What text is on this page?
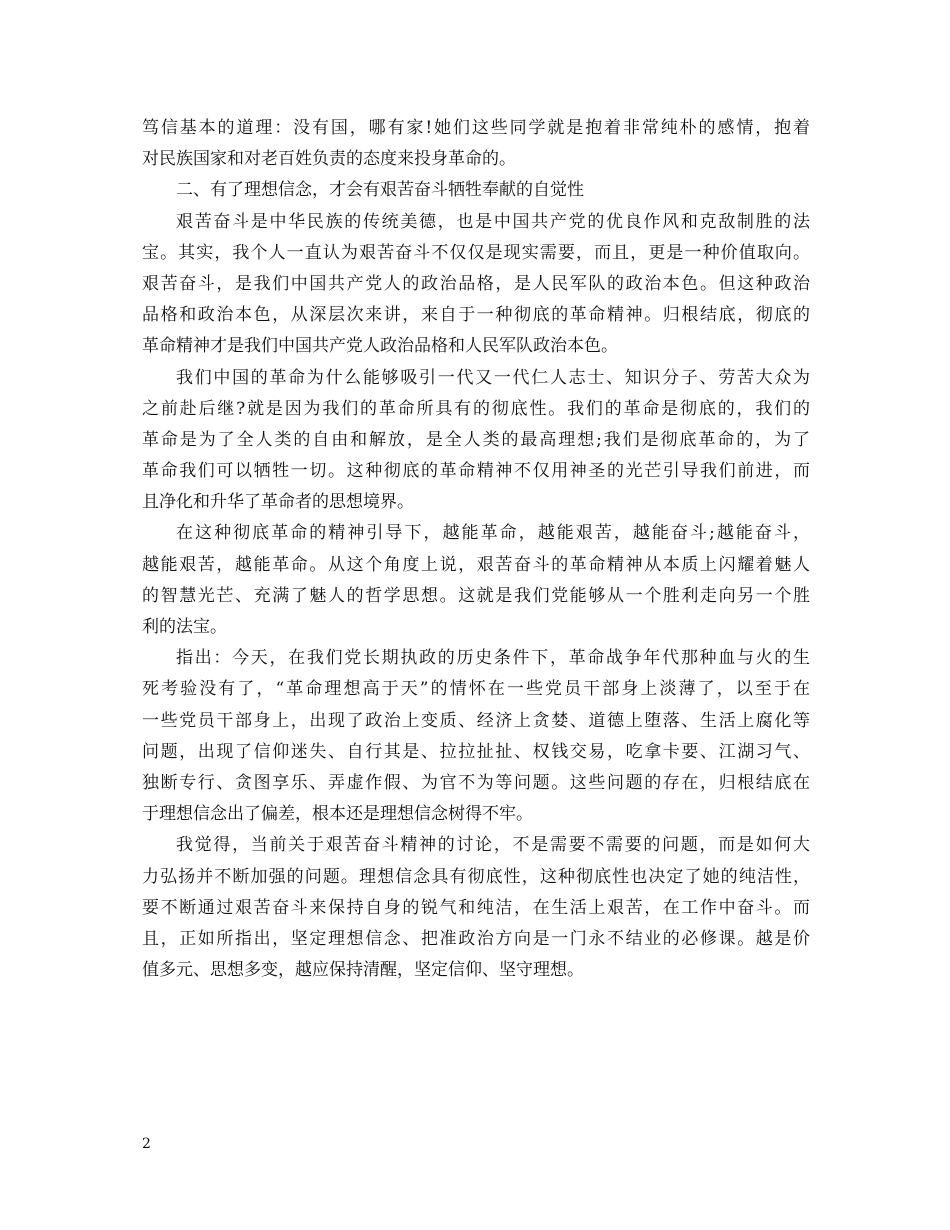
笃信基本的道理：没有国，哪有家!她们这些同学就是抱着非常纯朴的感情，抱着
对民族国家和对老百姓负责的态度来投身革命的。
二、有了理想信念，才会有艰苦奋斗牺牲奉献的自觉性
艰苦奋斗是中华民族的传统美德，也是中国共产党的优良作风和克敌制胜的法
宝。其实，我个人一直认为艰苦奋斗不仅仅是现实需要，而且，更是一种价值取向。
艰苦奋斗，是我们中国共产党人的政治品格，是人民军队的政治本色。但这种政治
品格和政治本色，从深层次来讲，来自于一种彻底的革命精神。归根结底，彻底的
革命精神才是我们中国共产党人政治品格和人民军队政治本色。
我们中国的革命为什么能够吸引一代又一代仁人志士、知识分子、劳苦大众为
之前赴后继?就是因为我们的革命所具有的彻底性。我们的革命是彻底的，我们的
革命是为了全人类的自由和解放，是全人类的最高理想;我们是彻底革命的，为了
革命我们可以牺牲一切。这种彻底的革命精神不仅用神圣的光芒引导我们前进，而
且净化和升华了革命者的思想境界。
在这种彻底革命的精神引导下，越能革命，越能艰苦，越能奋斗;越能奋斗，
越能艰苦，越能革命。从这个角度上说，艰苦奋斗的革命精神从本质上闪耀着魅人
的智慧光芒、充满了魅人的哲学思想。这就是我们党能够从一个胜利走向另一个胜
利的法宝。
指出：今天，在我们党长期执政的历史条件下，革命战争年代那种血与火的生
死考验没有了，“革命理想高于天”的情怀在一些党员干部身上淡薄了，以至于在
一些党员干部身上，出现了政治上变质、经济上贪婪、道德上堕落、生活上腐化等
问题，出现了信仰迷失、自行其是、拉拉扯扯、权钱交易，吃拿卡要、江湖习气、
独断专行、贪图享乐、弄虚作假、为官不为等问题。这些问题的存在，归根结底在
于理想信念出了偏差，根本还是理想信念树得不牢。
我觉得，当前关于艰苦奋斗精神的讨论，不是需要不需要的问题，而是如何大
力弘扬并不断加强的问题。理想信念具有彻底性，这种彻底性也决定了她的纯洁性，
要不断通过艰苦奋斗来保持自身的锐气和纯洁，在生活上艰苦，在工作中奋斗。而
且，正如所指出，坚定理想信念、把准政治方向是一门永不结业的必修课。越是价
值多元、思想多变，越应保持清醒，坚定信仰、坚守理想。
2
